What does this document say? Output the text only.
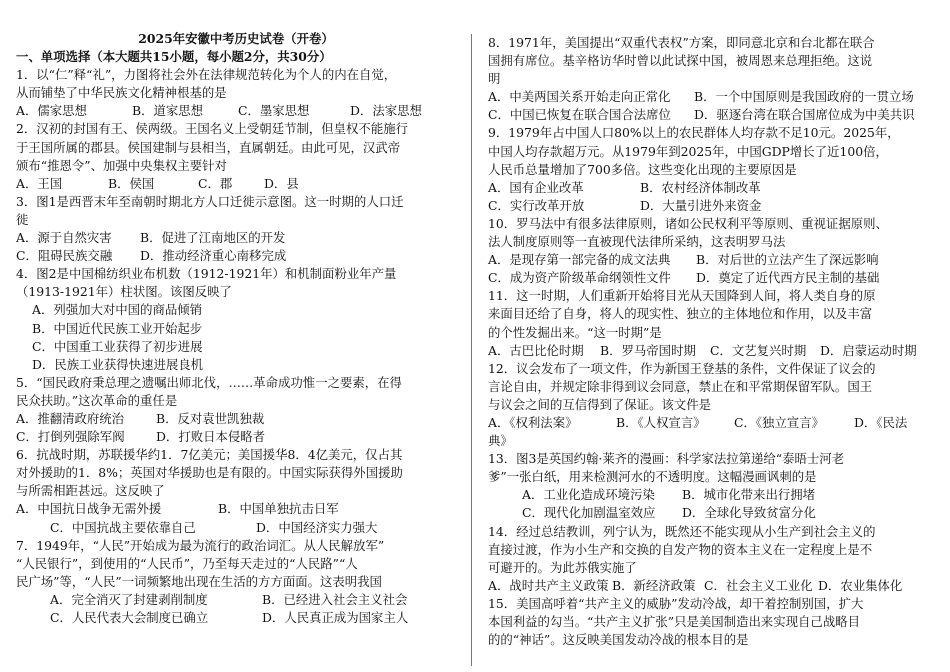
2025年安徽中考历史试卷（开卷）
一、单项选择（本大题共15小题，每小题2分，共30分）
1．以“仁”释“礼”，力图将社会外在法律规范转化为个人的内在自觉，
从而铺垫了中华民族文化精神根基的是
A．儒家思想	B．道家思想	C．墨家思想	D．法家思想
2．汉初的封国有王、侯两级。王国名义上受朝廷节制，但皇权不能施行
于王国所属的郡县。侯国建制与县相当，直属朝廷。由此可见，汉武帝
颁布“推恩令”、加强中央集权主要针对
A．王国	B．侯国	C．郡	D．县
3．图1是西晋末年至南朝时期北方人口迁徙示意图。这一时期的人口迁
徙
A．源于自然灾害	B．促进了江南地区的开发
C．阻碍民族交融	D．推动经济重心南移完成
4．图2是中国棉纺织业布机数（1912-1921年）和机制面粉业年产量
（1913-1921年）柱状图。该图反映了
A．列强加大对中国的商品倾销
B．中国近代民族工业开始起步
C．中国重工业获得了初步进展
D．民族工业获得快速进展良机
5．“国民政府秉总理之遗嘱出师北伐，……革命成功惟一之要素，在得
民众扶助。”这次革命的重任是
A．推翻清政府统治	B．反对袁世凯独裁
C．打倒列强除军阀	D．打败日本侵略者
6．抗战时期，苏联援华约1．7亿美元；美国援华8．4亿美元，仅占其
对外援助的1．8%；英国对华援助也是有限的。中国实际获得外国援助
与所需相距甚远。这反映了
A．中国抗日战争无需外援	B．中国单独抗击日军
C．中国抗战主要依靠自己	D．中国经济实力强大
7．1949年，“人民”开始成为最为流行的政治词汇。从人民解放军”
“人民银行”，到使用的“人民币”，乃至每天走过的“人民路”“人
民广场”等，“人民”一词频繁地出现在生活的方方面面。这表明我国
A．完全消灭了封建剥削制度	B．已经进入社会主义社会
C．人民代表大会制度已确立	D．人民真正成为国家主人
8．1971年，美国提出“双重代表权”方案，即同意北京和台北都在联合
国拥有席位。基辛格访华时曾以此试探中国，被周恩来总理拒绝。这说
明
A．中美两国关系开始走向正常化	B．一个中国原则是我国政府的一贯立场
C．中国已恢复在联合国合法席位	D．驱逐台湾在联合国席位成为中美共识
9．1979年占中国人口80%以上的农民群体人均存款不足10元。2025年，
中国人均存款超万元。从1979年到2025年，中国GDP增长了近100倍，
人民币总量增加了700多倍。这些变化出现的主要原因是
A．国有企业改革	B．农村经济体制改革
C．实行改革开放	D．大量引进外来资金
10．罗马法中有很多法律原则，诸如公民权利平等原则、重视证据原则、
法人制度原则等一直被现代法律所采纳，这表明罗马法
A．是现存第一部完备的成文法典	B．对后世的立法产生了深远影响
C．成为资产阶级革命纲领性文件	D．奠定了近代西方民主制的基础
11．这一时期，人们重新开始将目光从天国降到人间，将人类自身的原
来面目还给了自身，将人的现实性、独立的主体地位和作用，以及丰富
的个性发掘出来。“这一时期”是
A．古巴比伦时期	B．罗马帝国时期	C．文艺复兴时期	D．启蒙运动时期
12．议会发布了一项文件，作为新国王登基的条件，文件保证了议会的
言论自由，并规定除非得到议会同意，禁止在和平常期保留军队。国王
与议会之间的互信得到了保证。该文件是
A．《权利法案》	B．《人权宣言》	C．《独立宣言》	D．《民法
典》
13．图3是英国约翰·莱齐的漫画：科学家法拉第递给“泰晤士河老
爹”一张白纸，用来检测河水的不透明度。这幅漫画讽刺的是
A．工业化造成环境污染	B．城市化带来出行拥堵
C．现代化加剧温室效应	D．全球化导致贫富分化
14．经过总结教训，列宁认为，既然还不能实现从小生产到社会主义的
直接过渡，作为小生产和交换的自发产物的资本主义在一定程度上是不
可避开的。为此苏俄实施了
A．战时共产主义政策 B．新经济政策 C．社会主义工业化 D．农业集体化
15．美国高呼着“共产主义的威胁”发动冷战，却干着控制别国，扩大
本国利益的勾当。“共产主义扩张”只是美国制造出来实现自己战略目
的的“神话”。这反映美国发动冷战的根本目的是
